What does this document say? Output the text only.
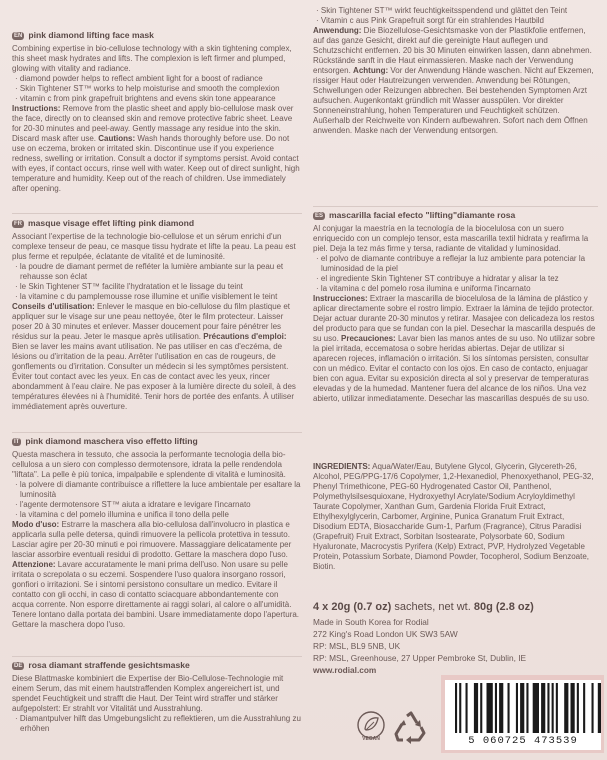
EN pink diamond lifting face mask
Combining expertise in bio-cellulose technology with a skin tightening complex, this sheet mask hydrates and lifts. The complexion is left firmer and plumped, glowing with vitality and radiance.
· diamond powder helps to reflect ambient light for a boost of radiance
· Skin Tightener ST™ works to help moisturise and smooth the complexion
· vitamin c from pink grapefruit brightens and evens skin tone appearance
Instructions: Remove from the plastic sheet and apply bio-cellulose mask over the face, directly on to cleansed skin and remove protective fabric sheet. Leave for 20-30 minutes and peel-away. Gently massage any residue into the skin. Discard mask after use. Cautions: Wash hands thoroughly before use. Do not use on eczema, broken or irritated skin. Discontinue use if you experience redness, swelling or irritation. Consult a doctor if symptoms persist. Avoid contact with eyes, if contact occurs, rinse well with water. Keep out of direct sunlight, high temperature and humidity. Keep out of the reach of children. Use immediately after opening.
FR masque visage effet lifting pink diamond
Associant l'expertise de la technologie bio-cellulose et un sérum enrichi d'un complexe tenseur de peau, ce masque tissu hydrate et lifte la peau. La peau est plus ferme et repulpée, éclatante de vitalité et de luminosité.
· la poudre de diamant permet de refléter la lumière ambiante sur la peau et rehausse son éclat
· le Skin Tightener ST™ facilite l'hydratation et le lissage du teint
· la vitamine c du pamplemousse rose illumine et unifie visiblement le teint
Conseils d'utilisation: Enlever le masque en bio-cellulose du film plastique et appliquer sur le visage sur une peau nettoyée, ôter le film protecteur. Laisser poser 20 à 30 minutes et enlever. Masser doucement pour faire pénétrer les résidus sur la peau. Jeter le masque après utilisation. Précautions d'emploi: Bien se laver les mains avant utilisation. Ne pas utiliser en cas d'eczéma, de lésions ou d'irritation de la peau. Arrêter l'utilisation en cas de rougeurs, de gonflements ou d'irritation. Consulter un médecin si les symptômes persistent. Éviter tout contact avec les yeux. En cas de contact avec les yeux, rincer abondamment à l'eau claire. Ne pas exposer à la lumière directe du soleil, à des températures élevées ni à l'humidité. Tenir hors de portée des enfants. À utiliser immédiatement après ouverture.
IT pink diamond maschera viso effetto lifting
Questa maschera in tessuto, che associa la performante tecnologia della bio-cellulosa a un siero con complesso dermotensore, idrata la pelle rendendola "liftata". La pelle è più tonica, impalpabile e splendente di vitalità e luminosità.
· la polvere di diamante contribuisce a riflettere la luce ambientale per esaltare la luminosità
· l'agente dermotensore ST™ aiuta a idratare e levigare l'incarnato
· la vitamina c del pomelo illumina e unifica il tono della pelle
Modo d'uso: Estrarre la maschera alla bio-cellulosa dall'involucro in plastica e applicarla sulla pelle detersa, quindi rimuovere la pellicola protettiva in tessuto. Lasciar agire per 20-30 minuti e poi rimuovere. Massaggiare delicatamente per lasciar assorbire eventuali residui di prodotto. Gettare la maschera dopo l'uso. Attenzione: Lavare accuratamente le mani prima dell'uso. Non usare su pelle irritata o screpolata o su eczemi. Sospendere l'uso qualora insorgano rossori, gonfiori o irritazioni. Se i sintomi persistono consultare un medico. Evitare il contatto con gli occhi, in caso di contatto sciacquare abbondantemente con acqua corrente. Non esporre direttamente ai raggi solari, al calore o all'umidità. Tenere lontano dalla portata dei bambini. Usare immediatamente dopo l'apertura. Gettare la maschera dopo l'uso.
DE rosa diamant straffende gesichtsmaske
Diese Blattmaske kombiniert die Expertise der Bio-Cellulose-Technologie mit einem Serum, das mit einem hautstraffenden Komplex angereichert ist, und spendet Feuchtigkeit und strafft die Haut. Der Teint wird straffer und stärker aufgepolstert: Er strahlt vor Vitalität und Ausstrahlung.
· Diamantpulver hilft das Umgebungslicht zu reflektieren, um die Ausstrahlung zu erhöhen
· Skin Tightener ST™ wirkt feuchtigkeitsspendend und glättet den Teint
· Vitamin c aus Pink Grapefruit sorgt für ein strahlendes Hautbild
Anwendung: Die Biozellulose-Gesichtsmaske von der Plastikfolie entfernen, auf das ganze Gesicht, direkt auf die gereinigte Haut auflegen und Schutzschicht entfernen. 20 bis 30 Minuten einwirken lassen, dann abnehmen. Rückstände sanft in die Haut einmassieren. Maske nach der Verwendung entsorgen. Achtung: Vor der Anwendung Hände waschen. Nicht auf Ekzemen, rissiger Haut oder Hautreizungen verwenden. Anwendung bei Rötungen, Schwellungen oder Reizungen abbrechen. Bei bestehenden Symptomen Arzt aufsuchen. Augenkontakt gründlich mit Wasser ausspülen. Vor direkter Sonneneinstrahlung, hohen Temperaturen und Feuchtigkeit schützen. Außerhalb der Reichweite von Kindern aufbewahren. Sofort nach dem Öffnen anwenden. Maske nach der Verwendung entsorgen.
ES mascarilla facial efecto "lifting"diamante rosa
Al conjugar la maestría en la tecnología de la biocelulosa con un suero enriquecido con un complejo tensor, esta mascarilla textil hidrata y reafirma la piel. Deja la tez más firme y tersa, radiante de vitalidad y luminosidad.
· el polvo de diamante contribuye a reflejar la luz ambiente para potenciar la luminosidad de la piel
· el ingrediente Skin Tightener ST contribuye a hidratar y alisar la tez
· la vitamina c del pomelo rosa ilumina e uniforma l'incarnato
Instrucciones: Extraer la mascarilla de biocelulosa de la lámina de plástico y aplicar directamente sobre el rostro limpio. Extraer la lámina de tejido protector. Dejar actuar durante 20-30 minutos y retirar. Masajee con delicadeza los restos del producto para que se fundan con la piel. Desechar la mascarilla después de su uso. Precauciones: Lavar bien las manos antes de su uso. No utilizar sobre la piel irritada, eccematosa o sobre heridas abiertas. Dejar de utilizar si aparecen rojeces, inflamación o irritación. Si los síntomas persisten, consultar con un médico. Evitar el contacto con los ojos. En caso de contacto, enjuagar bien con agua. Evitar su exposición directa al sol y preservar de temperaturas elevadas y de la humedad. Mantener fuera del alcance de los niños. Una vez abierto, utilizar inmediatamente. Desechar las mascarillas después de su uso.
INGREDIENTS: Aqua/Water/Eau, Butylene Glycol, Glycerin, Glycereth-26, Alcohol, PEG/PPG-17/6 Copolymer, 1,2-Hexanediol, Phenoxyethanol, PEG-32, Phenyl Trimethicone, PEG-60 Hydrogenated Castor Oil, Panthenol, Polymethylsilsesquioxane, Hydroxyethyl Acrylate/Sodium Acryloyldimethyl Taurate Copolymer, Xanthan Gum, Gardenia Florida Fruit Extract, Ethylhexylglycerin, Carbomer, Arginine, Punica Granatum Fruit Extract, Disodium EDTA, Biosaccharide Gum-1, Parfum (Fragrance), Citrus Paradisi (Grapefruit) Fruit Extract, Sorbitan Isostearate, Polysorbate 60, Sodium Hyaluronate, Macrocystis Pyrifera (Kelp) Extract, PVP, Hydrolyzed Vegetable Protein, Potassium Sorbate, Diamond Powder, Tocopherol, Sodium Benzoate, Biotin.
4 x 20g (0.7 oz) sachets, net wt. 80g (2.8 oz)
Made in South Korea for Rodial
272 King's Road London UK SW3 5AW
RP: MSL, BL9 5NB, UK
RP: MSL, Greenhouse, 27 Upper Pembroke St, Dublin, IE
www.rodial.com
VEGAN	5 060725 473539
